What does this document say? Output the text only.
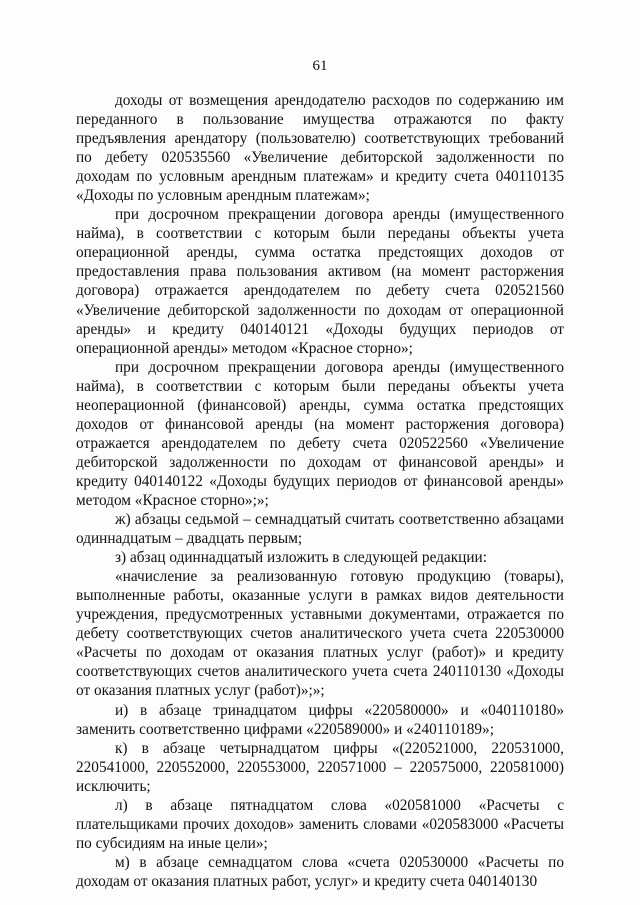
61

доходы от возмещения арендодателю расходов по содержанию им переданного в пользование имущества отражаются по факту предъявления арендатору (пользователю) соответствующих требований по дебету 020535560 «Увеличение дебиторской задолженности по доходам по условным арендным платежам» и кредиту счета 040110135 «Доходы по условным арендным платежам»;

при досрочном прекращении договора аренды (имущественного найма), в соответствии с которым были переданы объекты учета операционной аренды, сумма остатка предстоящих доходов от предоставления права пользования активом (на момент расторжения договора) отражается арендодателем по дебету счета 020521560 «Увеличение дебиторской задолженности по доходам от операционной аренды» и кредиту 040140121 «Доходы будущих периодов от операционной аренды» методом «Красное сторно»;

при досрочном прекращении договора аренды (имущественного найма), в соответствии с которым были переданы объекты учета неоперационной (финансовой) аренды, сумма остатка предстоящих доходов от финансовой аренды (на момент расторжения договора) отражается арендодателем по дебету счета 020522560 «Увеличение дебиторской задолженности по доходам от финансовой аренды» и кредиту 040140122 «Доходы будущих периодов от финансовой аренды» методом «Красное сторно»;»;

ж) абзацы седьмой – семнадцатый считать соответственно абзацами одиннадцатым – двадцать первым;

з) абзац одиннадцатый изложить в следующей редакции:

«начисление за реализованную готовую продукцию (товары), выполненные работы, оказанные услуги в рамках видов деятельности учреждения, предусмотренных уставными документами, отражается по дебету соответствующих счетов аналитического учета счета 220530000 «Расчеты по доходам от оказания платных услуг (работ)» и кредиту соответствующих счетов аналитического учета счета 240110130 «Доходы от оказания платных услуг (работ)»;»;

и) в абзаце тринадцатом цифры «220580000» и «040110180» заменить соответственно цифрами «220589000» и «240110189»;

к) в абзаце четырнадцатом цифры «(220521000, 220531000, 220541000, 220552000, 220553000, 220571000 – 220575000, 220581000) исключить;

л) в абзаце пятнадцатом слова «020581000 «Расчеты с плательщиками прочих доходов» заменить словами «020583000 «Расчеты по субсидиям на иные цели»;

м) в абзаце семнадцатом слова «счета 020530000 «Расчеты по доходам от оказания платных работ, услуг» и кредиту счета 040140130
